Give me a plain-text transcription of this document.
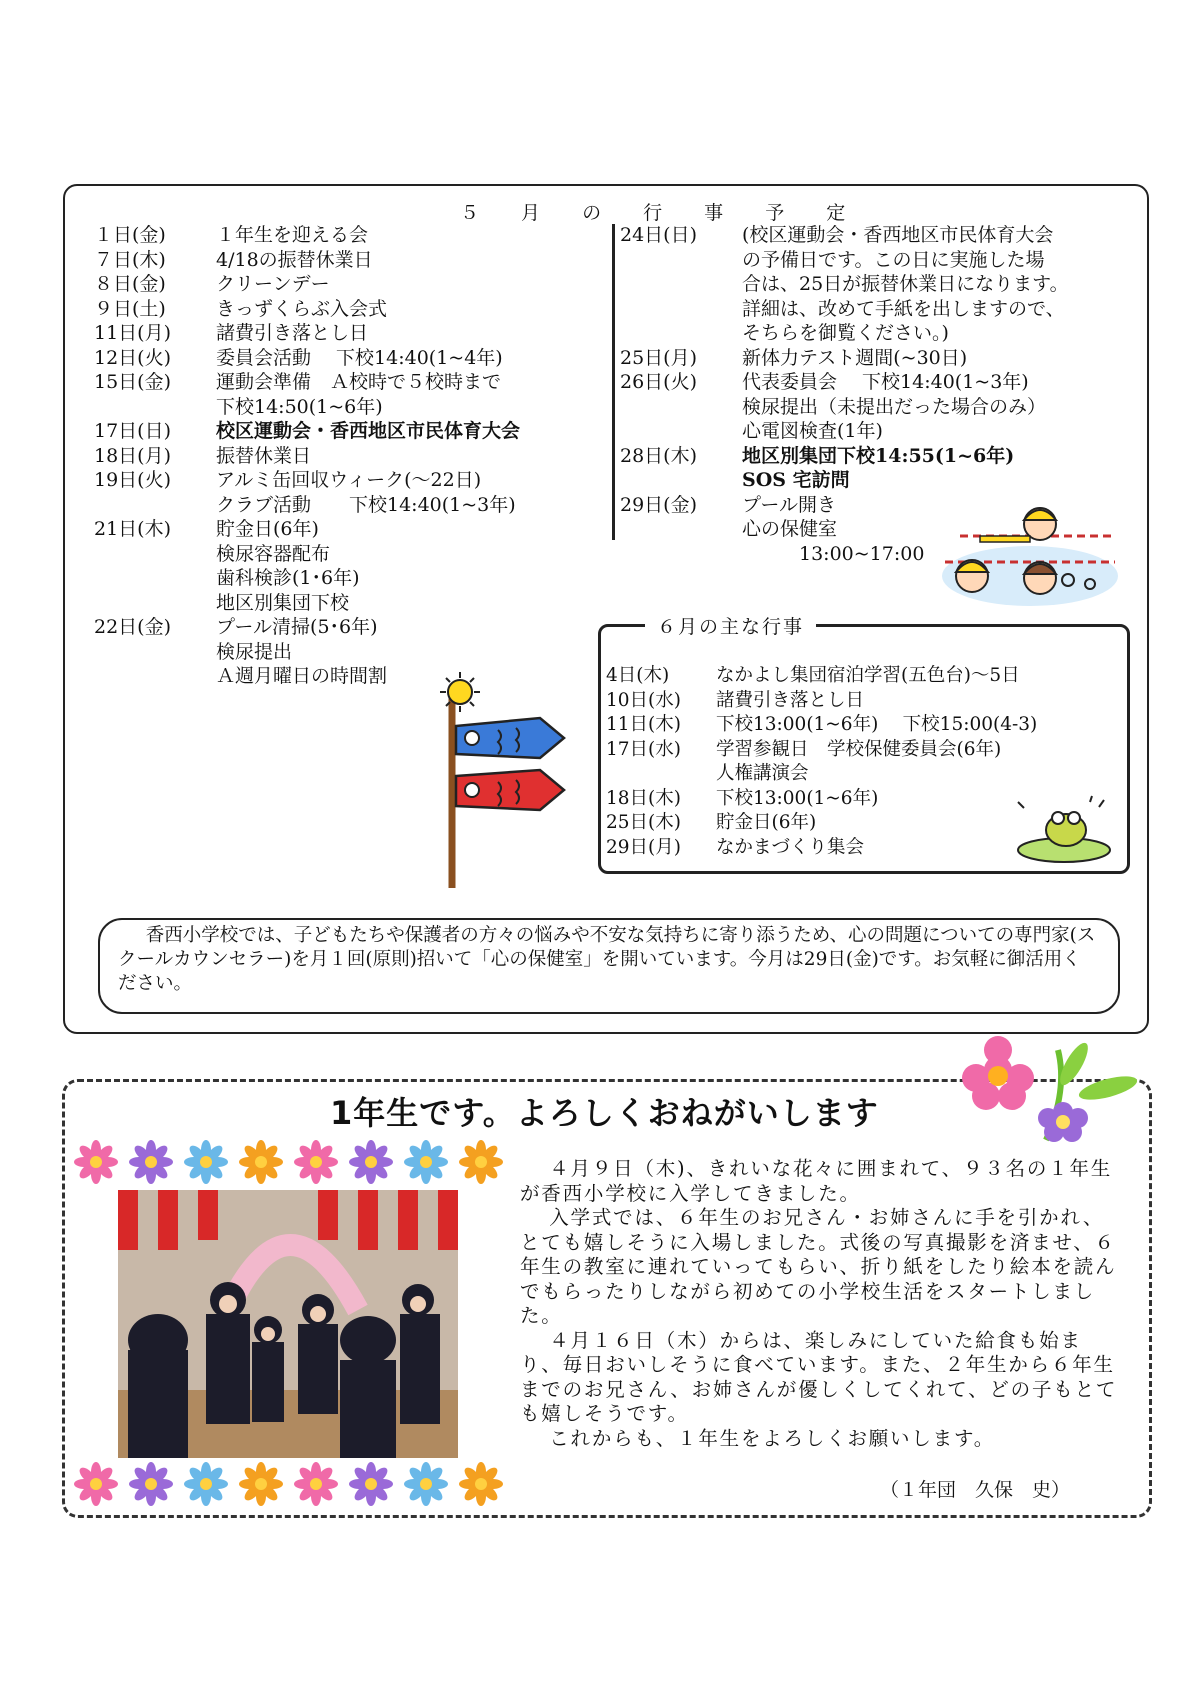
５ 月 の 行 事 予 定
１日(金)	１年生を迎える会
７日(木)	4/18の振替休業日
８日(金)	クリーンデー
９日(土)	きっずくらぶ入会式
11日(月) 諸費引き落とし日
12日(火) 委員会活動　 下校14:40(1~4年)
15日(金) 運動会準備　Ａ校時で５校時まで
下校14:50(1~6年)
17日(日) 校区運動会・香西地区市民体育大会
18日(月) 振替休業日
19日(火) アルミ缶回収ウィーク(～22日)
クラブ活動　　下校14:40(1~3年)
21日(木) 貯金日(6年)
検尿容器配布
歯科検診(1･6年)
地区別集団下校
22日(金) プール清掃(5･6年)
検尿提出
Ａ週月曜日の時間割
24日(日) (校区運動会・香西地区市民体育大会
の予備日です。この日に実施した場
合は、25日が振替休業日になります。
詳細は、改めて手紙を出しますので、
そちらを御覧ください。)
25日(月) 新体力テスト週間(~30日)
26日(火) 代表委員会　 下校14:40(1~3年)
検尿提出（未提出だった場合のみ）
心電図検査(1年)
28日(木) 地区別集団下校14:55(1~6年)
SOS 宅訪問
29日(金) プール開き
心の保健室
　　　13:00~17:00
６月の主な行事
4日(木)	なかよし集団宿泊学習(五色台)～5日
10日(水) 諸費引き落とし日
11日(木) 下校13:00(1~6年)　 下校15:00(4-3)
17日(水) 学習参観日　学校保健委員会(6年)
人権講演会
18日(木) 下校13:00(1~6年)
25日(木) 貯金日(6年)
29日(月) なかまづくり集会
香西小学校では、子どもたちや保護者の方々の悩みや不安な気持ちに寄り添うため、心の問題についての専門家(スクールカウンセラー)を月１回(原則)招いて「心の保健室」を開いています。今月は29日(金)です。お気軽に御活用ください。
1年生です。よろしくおねがいします

４月９日（木)、きれいな花々に囲まれて、９３名の１年生が香西小学校に入学してきました。

入学式では、６年生のお兄さん・お姉さんに手を引かれ、とても嬉しそうに入場しました。式後の写真撮影を済ませ、６年生の教室に連れていってもらい、折り紙をしたり絵本を読んでもらったりしながら初めての小学校生活をスタートしました。

４月１６日（木）からは、楽しみにしていた給食も始まり、毎日おいしそうに食べています。また、２年生から６年生までのお兄さん、お姉さんが優しくしてくれて、どの子もとても嬉しそうです。

これからも、１年生をよろしくお願いします。

（１年団　久保　史）
